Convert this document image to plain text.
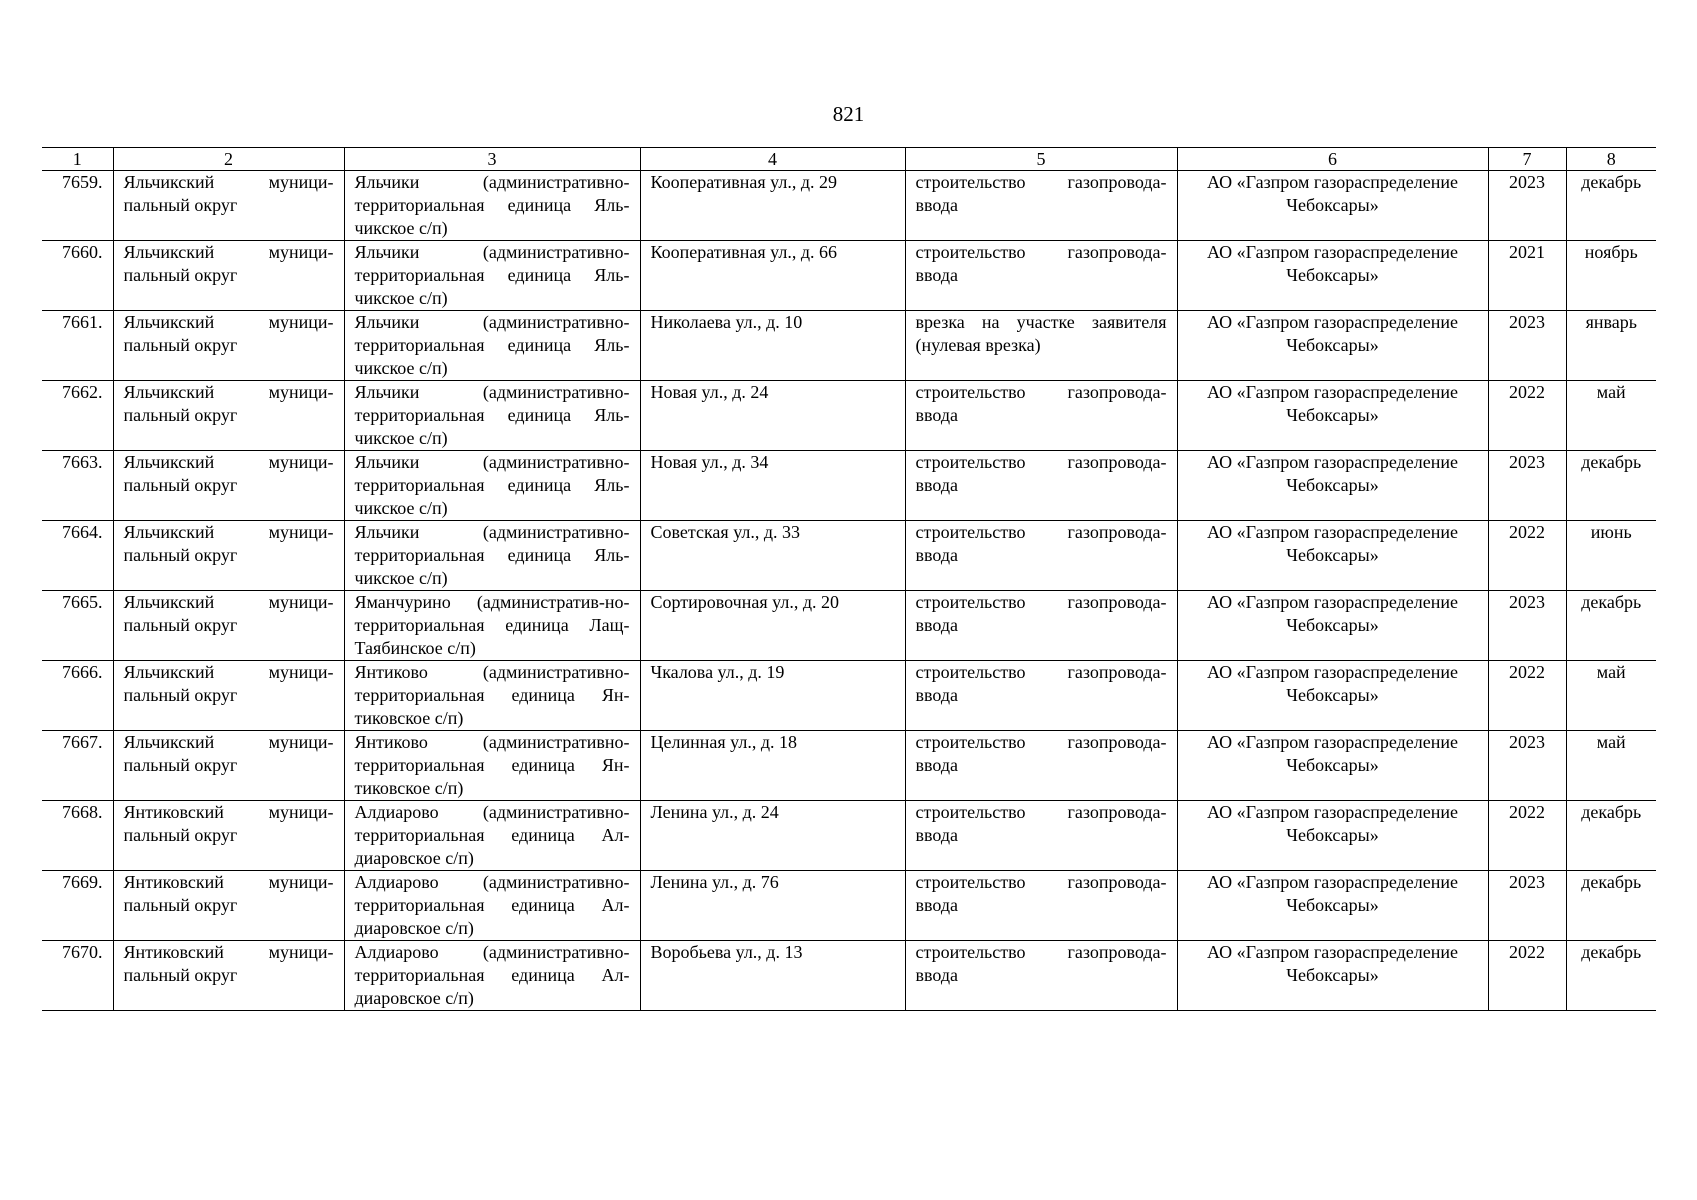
821
1	2	3	4	5	6	7	8
7659.	Яльчикский муници-пальный округ	Яльчики (административно-территориальная единица Яль-чикское с/п)	Кооперативная ул., д. 29	строительство газопровода-ввода	АО «Газпром газораспределение Чебоксары»	2023	декабрь
7660.	Яльчикский муници-пальный округ	Яльчики (административно-территориальная единица Яль-чикское с/п)	Кооперативная ул., д. 66	строительство газопровода-ввода	АО «Газпром газораспределение Чебоксары»	2021	ноябрь
7661.	Яльчикский муници-пальный округ	Яльчики (административно-территориальная единица Яль-чикское с/п)	Николаева ул., д. 10	врезка на участке заявителя (нулевая врезка)	АО «Газпром газораспределение Чебоксары»	2023	январь
7662.	Яльчикский муници-пальный округ	Яльчики (административно-территориальная единица Яль-чикское с/п)	Новая ул., д. 24	строительство газопровода-ввода	АО «Газпром газораспределение Чебоксары»	2022	май
7663.	Яльчикский муници-пальный округ	Яльчики (административно-территориальная единица Яль-чикское с/п)	Новая ул., д. 34	строительство газопровода-ввода	АО «Газпром газораспределение Чебоксары»	2023	декабрь
7664.	Яльчикский муници-пальный округ	Яльчики (административно-территориальная единица Яль-чикское с/п)	Советская ул., д. 33	строительство газопровода-ввода	АО «Газпром газораспределение Чебоксары»	2022	июнь
7665.	Яльчикский муници-пальный округ	Яманчурино (административ-но-территориальная единица Лащ-Таябинское с/п)	Сортировочная ул., д. 20	строительство газопровода-ввода	АО «Газпром газораспределение Чебоксары»	2023	декабрь
7666.	Яльчикский муници-пальный округ	Янтиково (административно-территориальная единица Ян-тиковское с/п)	Чкалова ул., д. 19	строительство газопровода-ввода	АО «Газпром газораспределение Чебоксары»	2022	май
7667.	Яльчикский муници-пальный округ	Янтиково (административно-территориальная единица Ян-тиковское с/п)	Целинная ул., д. 18	строительство газопровода-ввода	АО «Газпром газораспределение Чебоксары»	2023	май
7668.	Янтиковский муници-пальный округ	Алдиарово (административно-территориальная единица Ал-диаровское с/п)	Ленина ул., д. 24	строительство газопровода-ввода	АО «Газпром газораспределение Чебоксары»	2022	декабрь
7669.	Янтиковский муници-пальный округ	Алдиарово (административно-территориальная единица Ал-диаровское с/п)	Ленина ул., д. 76	строительство газопровода-ввода	АО «Газпром газораспределение Чебоксары»	2023	декабрь
7670.	Янтиковский муници-пальный округ	Алдиарово (административно-территориальная единица Ал-диаровское с/п)	Воробьева ул., д. 13	строительство газопровода-ввода	АО «Газпром газораспределение Чебоксары»	2022	декабрь
